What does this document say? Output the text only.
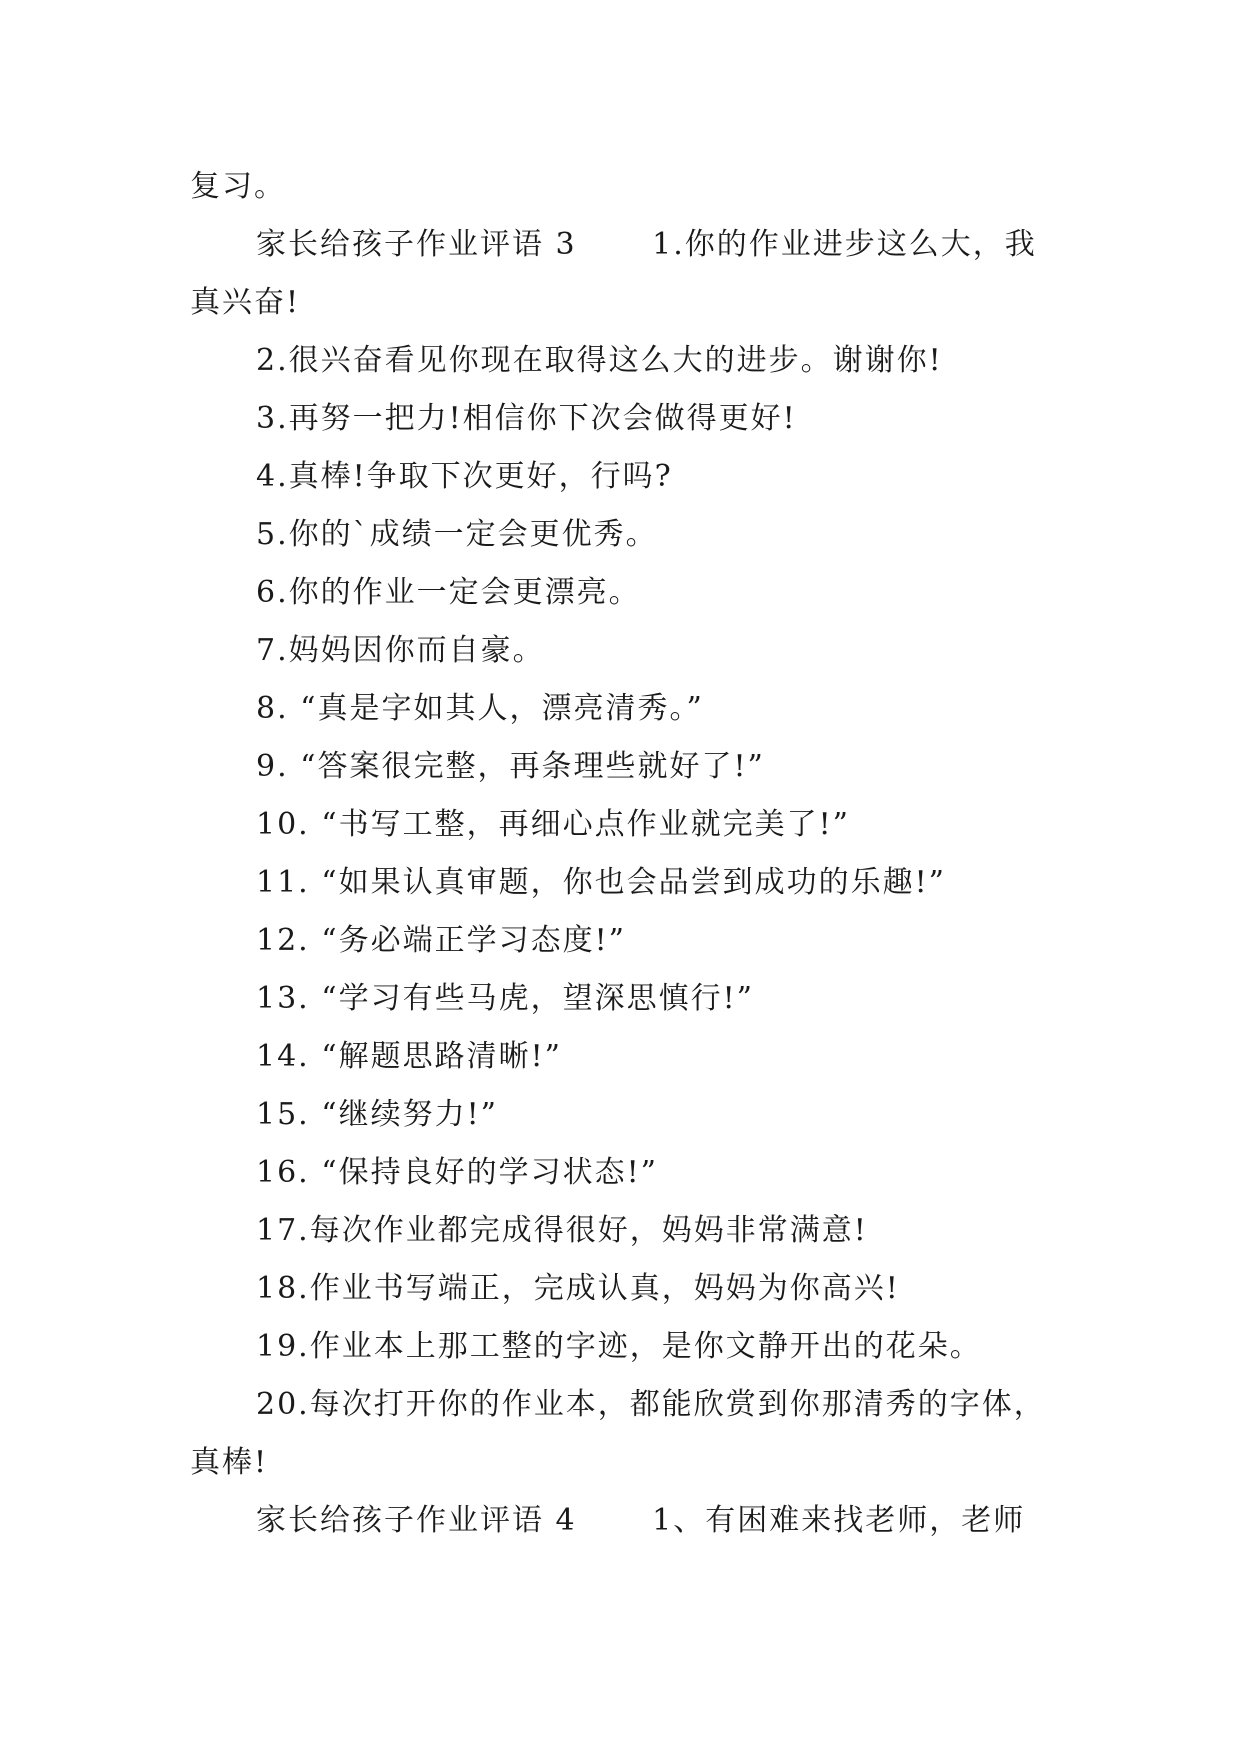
复习。

家长给孩子作业评语 3　　 1.你的作业进步这么大，我

真兴奋!

2.很兴奋看见你现在取得这么大的进步。谢谢你!

3.再努一把力!相信你下次会做得更好!

4.真棒!争取下次更好，行吗?

5.你的`成绩一定会更优秀。

6.你的作业一定会更漂亮。

7.妈妈因你而自豪。

8. “真是字如其人，漂亮清秀。”

9. “答案很完整，再条理些就好了!”

10. “书写工整，再细心点作业就完美了!”

11. “如果认真审题，你也会品尝到成功的乐趣!”

12. “务必端正学习态度!”

13. “学习有些马虎，望深思慎行!”

14. “解题思路清晰!”

15. “继续努力!”

16. “保持良好的学习状态!”

17.每次作业都完成得很好，妈妈非常满意!

18.作业书写端正，完成认真，妈妈为你高兴!

19.作业本上那工整的字迹，是你文静开出的花朵。

20.每次打开你的作业本，都能欣赏到你那清秀的字体，

真棒!

家长给孩子作业评语 4　　 1、有困难来找老师，老师
